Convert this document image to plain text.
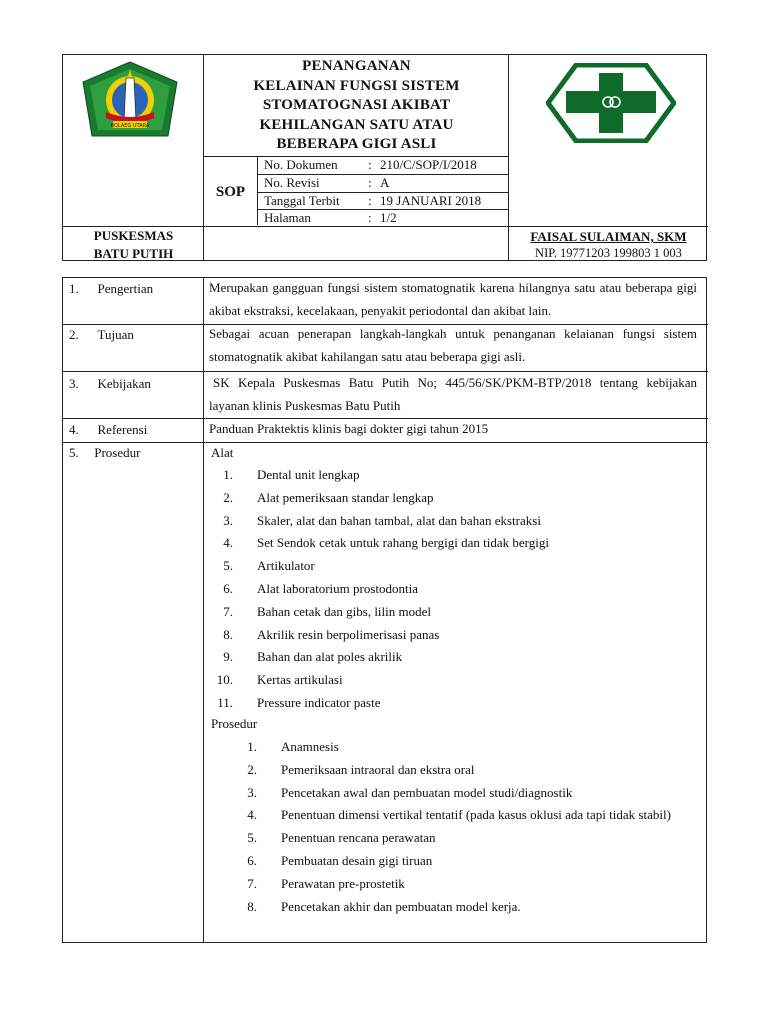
BOLAEG UTARA
PENANGANAN
KELAINAN FUNGSI SISTEM
STOMATOGNASI AKIBAT
KEHILANGAN SATU ATAU
BEBERAPA GIGI ASLI
SOP
No. Dokumen : 210/C/SOP/I/2018
No. Revisi	: A
Tanggal Terbit : 19 JANUARI 2018
Halaman	: 1/2
PUSKESMAS
BATU PUTIH
FAISAL SULAIMAN, SKM
NIP. 19771203 199803 1 003
1. Pengertian	Merupakan gangguan fungsi sistem stomatognatik karena hilangnya satu atau beberapa gigi akibat ekstraksi, kecelakaan, penyakit periodontal dan akibat lain.
2. Tujuan	Sebagai acuan penerapan langkah-langkah untuk penanganan kelaianan fungsi sistem stomatognatik akibat kahilangan satu atau beberapa gigi asli.
3. Kebijakan	SK Kepala Puskesmas Batu Putih No; 445/56/SK/PKM-BTP/2018 tentang kebijakan layanan klinis Puskesmas Batu Putih
4. Referensi	Panduan Praktektis klinis bagi dokter gigi tahun 2015
5. Prosedur	Alat
1. Dental unit lengkap
2. Alat pemeriksaan standar lengkap
3. Skaler, alat dan bahan tambal, alat dan bahan ekstraksi
4. Set Sendok cetak untuk rahang bergigi dan tidak bergigi
5. Artikulator
6. Alat laboratorium prostodontia
7. Bahan cetak dan gibs, lilin model
8. Akrilik resin berpolimerisasi panas
9. Bahan dan alat poles akrilik
10. Kertas artikulasi
11. Pressure indicator paste
Prosedur
1. Anamnesis
2. Pemeriksaan intraoral dan ekstra oral
3. Pencetakan awal dan pembuatan model studi/diagnostik
4. Penentuan dimensi vertikal tentatif (pada kasus oklusi ada tapi tidak stabil)
5. Penentuan rencana perawatan
6. Pembuatan desain gigi tiruan
7. Perawatan pre-prostetik
8. Pencetakan akhir dan pembuatan model kerja.
